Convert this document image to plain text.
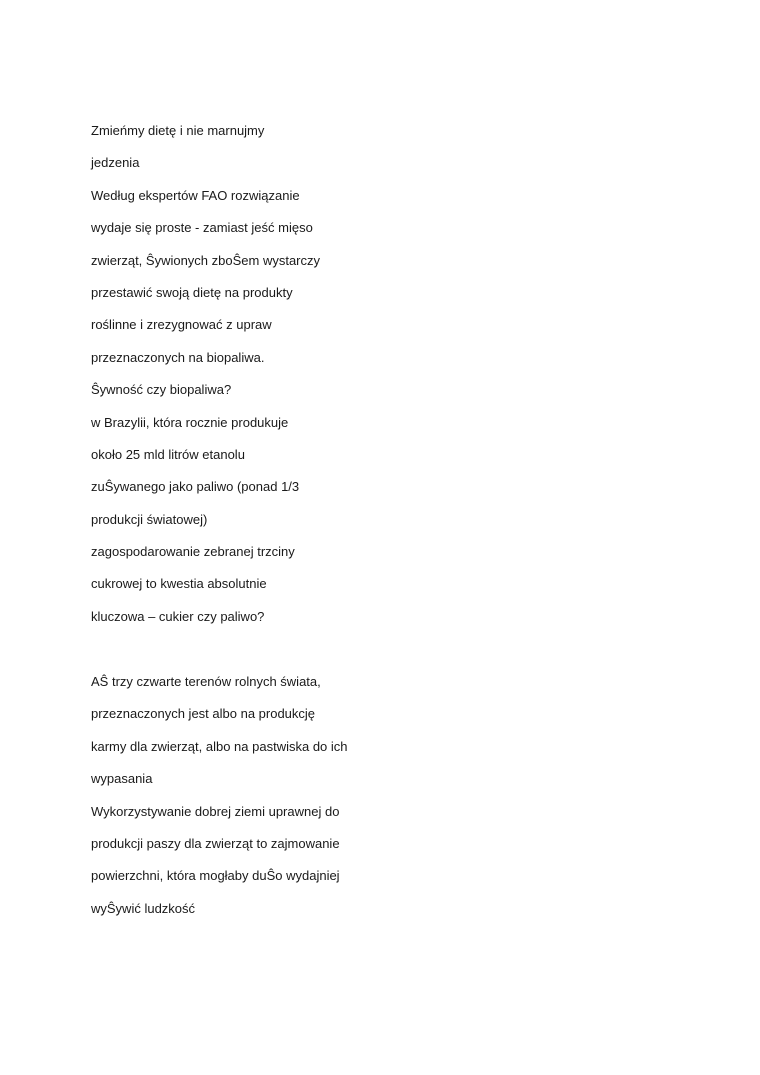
Zmieńmy dietę i nie marnujmy
jedzenia
Według ekspertów FAO rozwiązanie
wydaje się proste - zamiast jeść mięso
zwierząt, Ŝywionych zboŜem wystarczy
przestawić swoją dietę na produkty
roślinne i zrezygnować z upraw
przeznaczonych na biopaliwa.
Ŝywność czy biopaliwa?
w Brazylii, która rocznie produkuje
około 25 mld litrów etanolu
zuŜywanego jako paliwo (ponad 1/3
produkcji światowej)
zagospodarowanie zebranej trzciny
cukrowej to kwestia absolutnie
kluczowa – cukier czy paliwo?
AŜ trzy czwarte terenów rolnych świata,
przeznaczonych jest albo na produkcję
karmy dla zwierząt, albo na pastwiska do ich
wypasania
Wykorzystywanie dobrej ziemi uprawnej do
produkcji paszy dla zwierząt to zajmowanie
powierzchni, która mogłaby duŜo wydajniej
wyŜywić ludzkość
